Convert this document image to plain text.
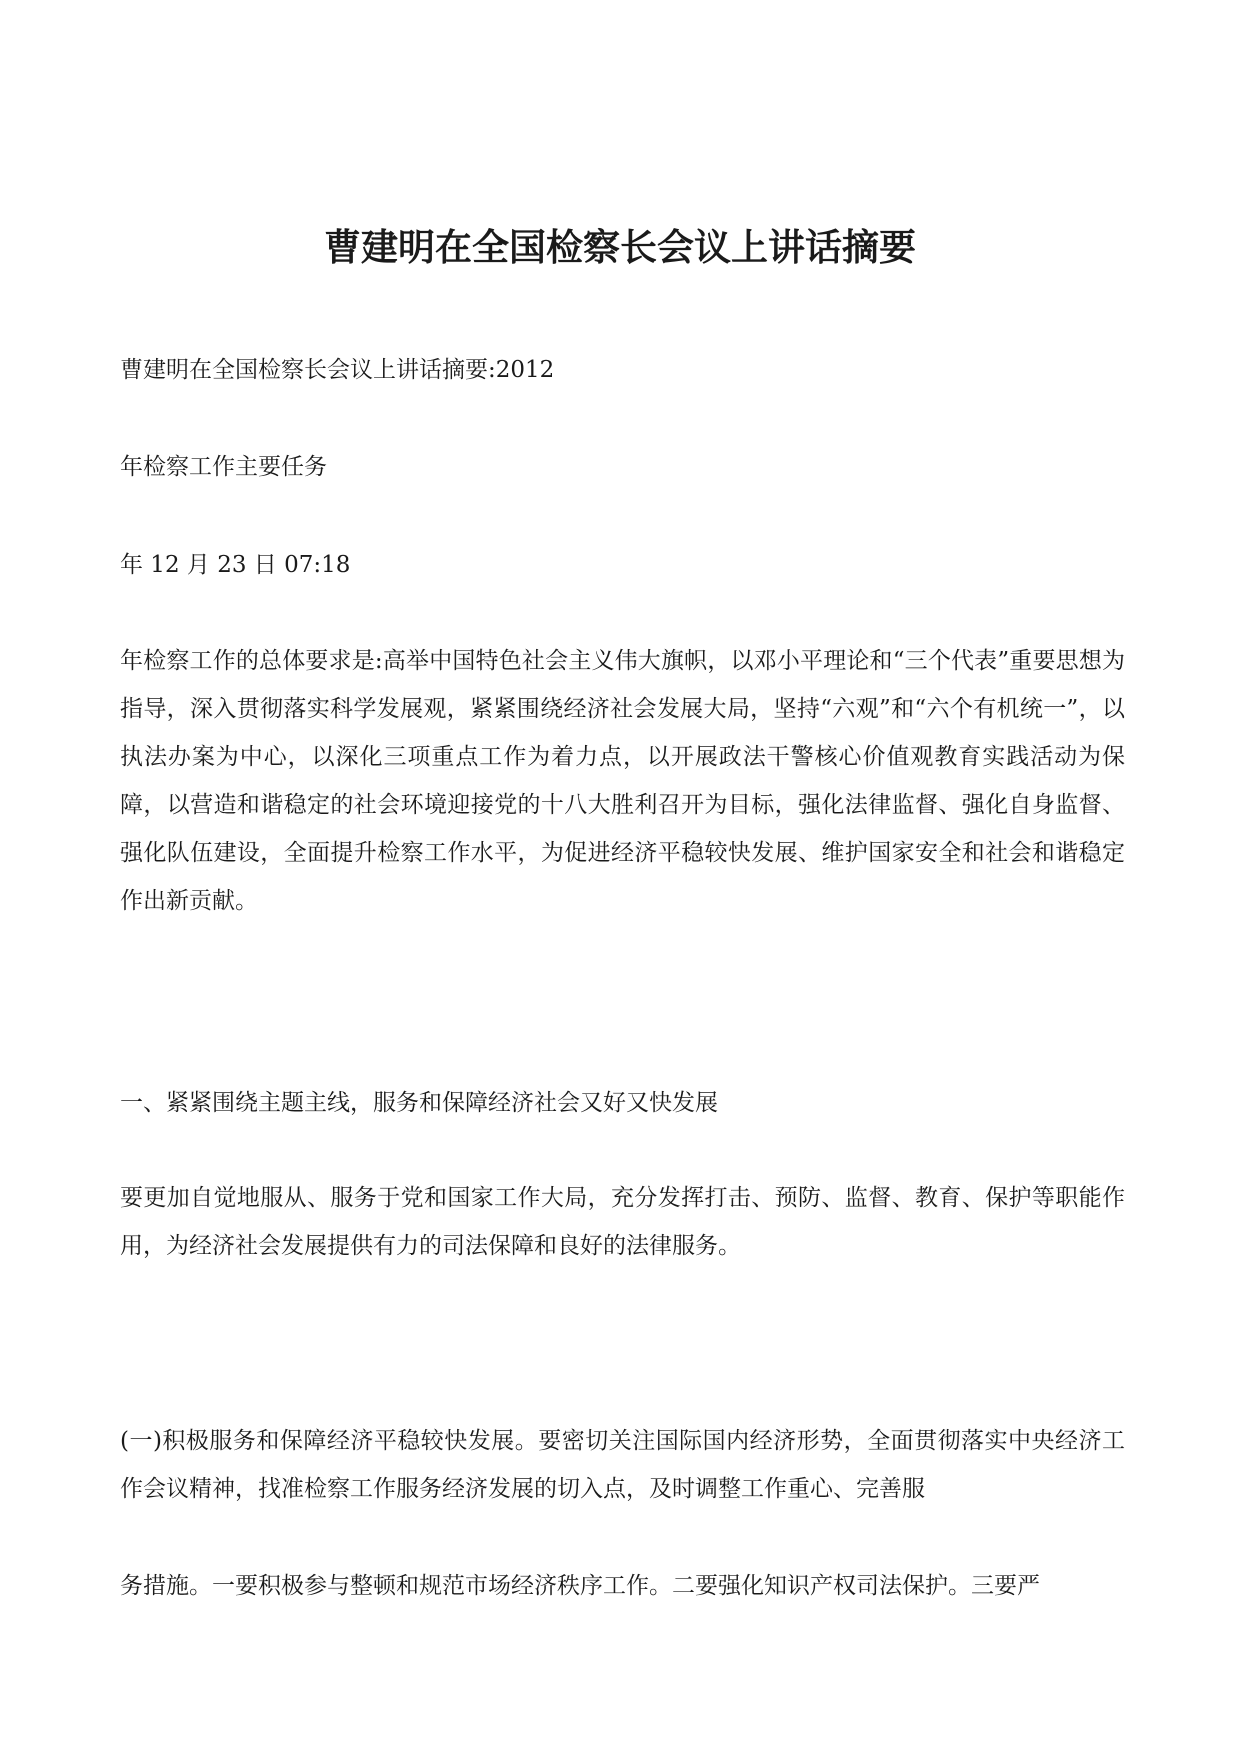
曹建明在全国检察长会议上讲话摘要
曹建明在全国检察长会议上讲话摘要:2012
年检察工作主要任务
年 12 月 23 日 07:18
年检察工作的总体要求是:高举中国特色社会主义伟大旗帜，以邓小平理论和“三个代表”重要思想为指导，深入贯彻落实科学发展观，紧紧围绕经济社会发展大局，坚持“六观”和“六个有机统一”，以执法办案为中心，以深化三项重点工作为着力点，以开展政法干警核心价值观教育实践活动为保障，以营造和谐稳定的社会环境迎接党的十八大胜利召开为目标，强化法律监督、强化自身监督、强化队伍建设，全面提升检察工作水平，为促进经济平稳较快发展、维护国家安全和社会和谐稳定作出新贡献。
一、紧紧围绕主题主线，服务和保障经济社会又好又快发展
要更加自觉地服从、服务于党和国家工作大局，充分发挥打击、预防、监督、教育、保护等职能作用，为经济社会发展提供有力的司法保障和良好的法律服务。
(一)积极服务和保障经济平稳较快发展。要密切关注国际国内经济形势，全面贯彻落实中央经济工作会议精神，找准检察工作服务经济发展的切入点，及时调整工作重心、完善服
务措施。一要积极参与整顿和规范市场经济秩序工作。二要强化知识产权司法保护。三要严
